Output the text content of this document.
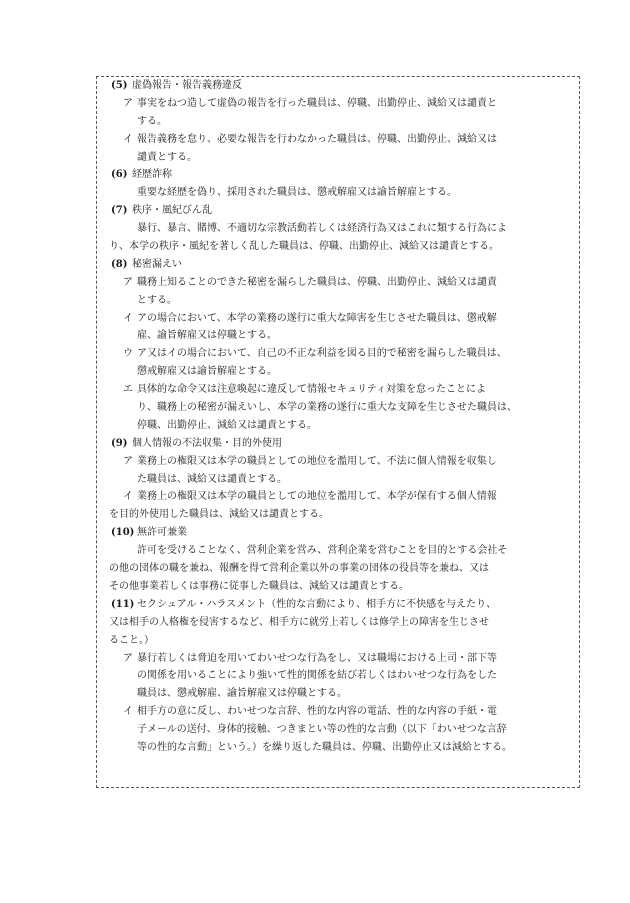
(5) 虚偽報告・報告義務違反
ア 事実をねつ造して虚偽の報告を行った職員は、停職、出勤停止、減給又は譴責と
する。
イ 報告義務を怠り、必要な報告を行わなかった職員は、停職、出勤停止、減給又は
譴責とする。
(6) 経歴詐称
重要な経歴を偽り、採用された職員は、懲戒解雇又は諭旨解雇とする。
(7) 秩序・風紀びん乱
暴行、暴言、賭博、不適切な宗教活動若しくは経済行為又はこれに類する行為によ
り、本学の秩序・風紀を著しく乱した職員は、停職、出勤停止、減給又は譴責とする。
(8) 秘密漏えい
ア 職務上知ることのできた秘密を漏らした職員は、停職、出勤停止、減給又は譴責
とする。
イ アの場合において、本学の業務の遂行に重大な障害を生じさせた職員は、懲戒解
雇、諭旨解雇又は停職とする。
ウ ア又はイの場合において、自己の不正な利益を図る目的で秘密を漏らした職員は、
懲戒解雇又は諭旨解雇とする。
エ 具体的な命令又は注意喚起に違反して情報セキュリティ対策を怠ったことによ
り、職務上の秘密が漏えいし、本学の業務の遂行に重大な支障を生じさせた職員は、
停職、出勤停止、減給又は譴責とする。
(9) 個人情報の不法収集・目的外使用
ア 業務上の権限又は本学の職員としての地位を濫用して、不法に個人情報を収集し
た職員は、減給又は譴責とする。
イ 業務上の権限又は本学の職員としての地位を濫用して、本学が保有する個人情報
を目的外使用した職員は、減給又は譴責とする。
(10) 無許可兼業
許可を受けることなく、営利企業を営み、営利企業を営むことを目的とする会社そ
の他の団体の職を兼ね、報酬を得て営利企業以外の事業の団体の役員等を兼ね、又は
その他事業若しくは事務に従事した職員は、減給又は譴責とする。
(11) セクシュアル・ハラスメント（性的な言動により、相手方に不快感を与えたり、
又は相手の人格権を侵害するなど、相手方に就労上若しくは修学上の障害を生じさせ
ること。）
ア 暴行若しくは脅迫を用いてわいせつな行為をし、又は職場における上司・部下等
の関係を用いることにより強いて性的関係を結び若しくはわいせつな行為をした
職員は、懲戒解雇、諭旨解雇又は停職とする。
イ 相手方の意に反し、わいせつな言辞、性的な内容の電話、性的な内容の手紙・電
子メールの送付、身体的接触、つきまとい等の性的な言動（以下「わいせつな言辞
等の性的な言動」という。）を繰り返した職員は、停職、出勤停止又は減給とする。
